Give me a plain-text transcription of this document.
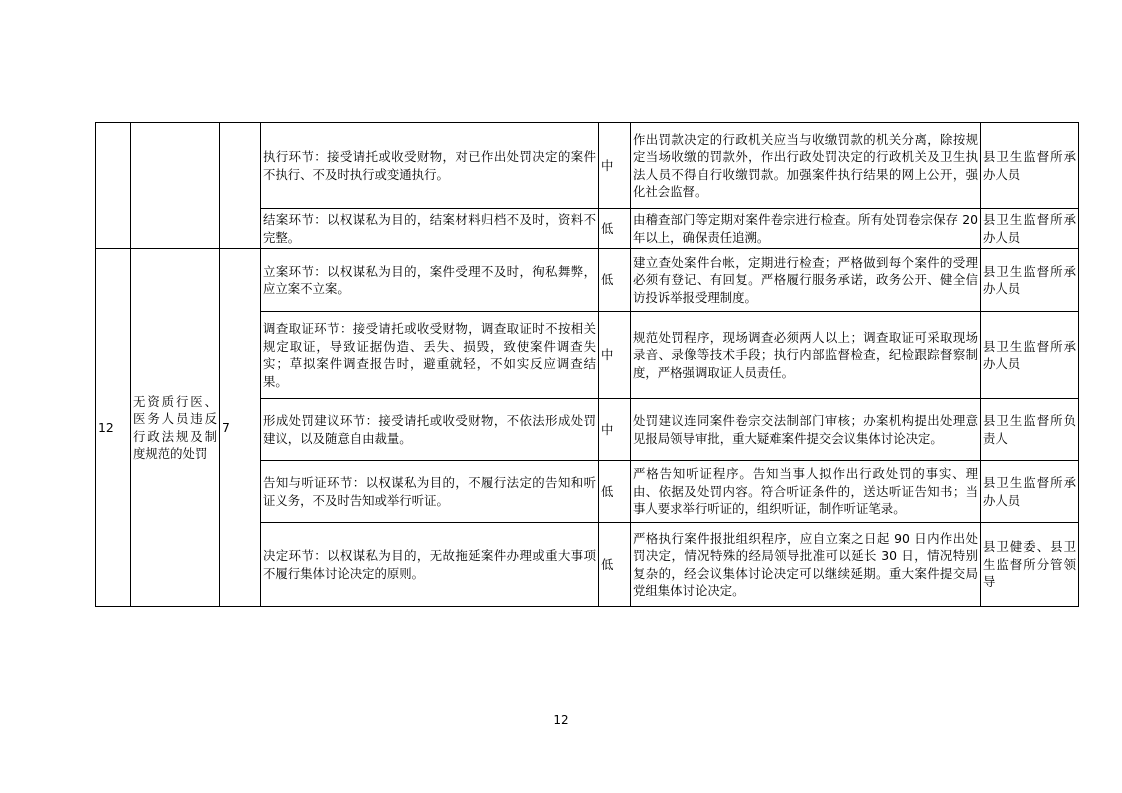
			执行环节：接受请托或收受财物，对已作出处罚决定的案件不执行、不及时执行或变通执行。	中	作出罚款决定的行政机关应当与收缴罚款的机关分离，除按规定当场收缴的罚款外，作出行政处罚决定的行政机关及卫生执法人员不得自行收缴罚款。加强案件执行结果的网上公开，强化社会监督。	县卫生监督所承办人员
			结案环节：以权谋私为目的，结案材料归档不及时，资料不完整。	低	由稽查部门等定期对案件卷宗进行检查。所有处罚卷宗保存 20 年以上，确保责任追溯。	县卫生监督所承办人员
12	无资质行医、医务人员违反行政法规及制度规范的处罚	7	立案环节：以权谋私为目的，案件受理不及时，徇私舞弊，应立案不立案。	低	建立查处案件台帐，定期进行检查；严格做到每个案件的受理必须有登记、有回复。严格履行服务承诺，政务公开、健全信访投诉举报受理制度。	县卫生监督所承办人员
			调查取证环节：接受请托或收受财物，调查取证时不按相关规定取证，导致证据伪造、丢失、损毁，致使案件调查失实；草拟案件调查报告时，避重就轻，不如实反应调查结果。	中	规范处罚程序，现场调查必须两人以上；调查取证可采取现场录音、录像等技术手段；执行内部监督检查，纪检跟踪督察制度，严格强调取证人员责任。	县卫生监督所承办人员
			形成处罚建议环节：接受请托或收受财物，不依法形成处罚建议，以及随意自由裁量。	中	处罚建议连同案件卷宗交法制部门审核；办案机构提出处理意见报局领导审批，重大疑难案件提交会议集体讨论决定。	县卫生监督所负责人
			告知与听证环节：以权谋私为目的，不履行法定的告知和听证义务，不及时告知或举行听证。	低	严格告知听证程序。告知当事人拟作出行政处罚的事实、理由、依据及处罚内容。符合听证条件的，送达听证告知书；当事人要求举行听证的，组织听证，制作听证笔录。	县卫生监督所承办人员
			决定环节：以权谋私为目的，无故拖延案件办理或重大事项不履行集体讨论决定的原则。	低	严格执行案件报批组织程序，应自立案之日起 90 日内作出处罚决定，情况特殊的经局领导批准可以延长 30 日，情况特别复杂的，经会议集体讨论决定可以继续延期。重大案件提交局党组集体讨论决定。	县卫健委、县卫生监督所分管领导
12
